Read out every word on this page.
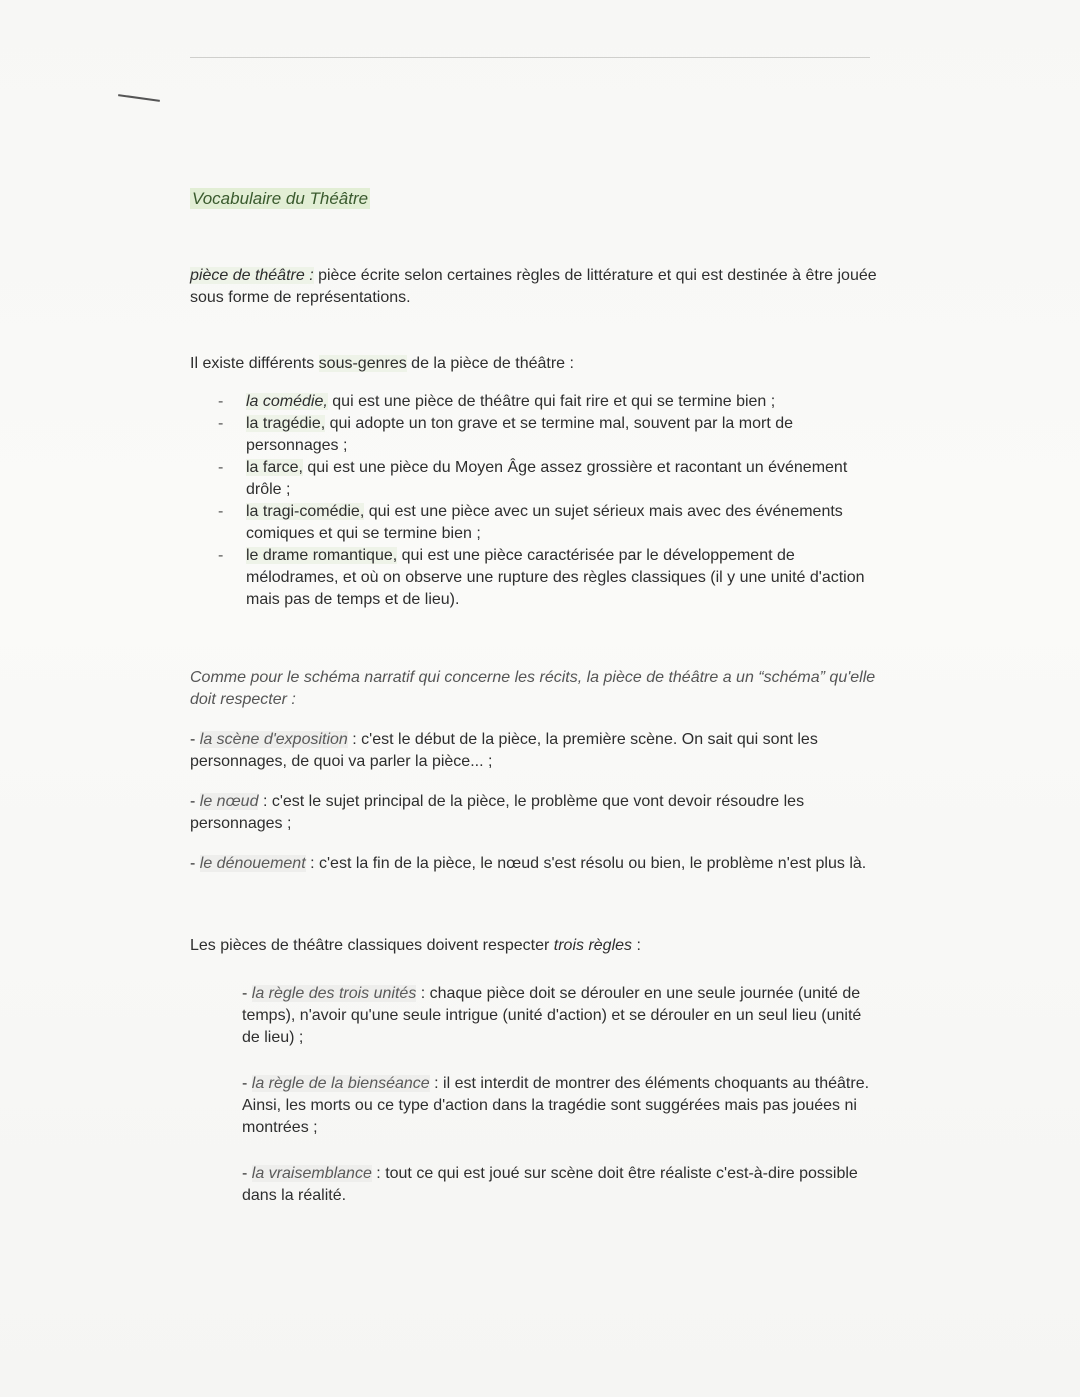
Vocabulaire du Théâtre

pièce de théâtre : pièce écrite selon certaines règles de littérature et qui est destinée à être jouée sous forme de représentations.

Il existe différents sous-genres de la pièce de théâtre :

- la comédie, qui est une pièce de théâtre qui fait rire et qui se termine bien ;
- la tragédie, qui adopte un ton grave et se termine mal, souvent par la mort de personnages ;
- la farce, qui est une pièce du Moyen Âge assez grossière et racontant un événement drôle ;
- la tragi-comédie, qui est une pièce avec un sujet sérieux mais avec des événements comiques et qui se termine bien ;
- le drame romantique, qui est une pièce caractérisée par le développement de mélodrames, et où on observe une rupture des règles classiques (il y une unité d'action mais pas de temps et de lieu).

Comme pour le schéma narratif qui concerne les récits, la pièce de théâtre a un “schéma” qu'elle doit respecter :

- la scène d'exposition : c'est le début de la pièce, la première scène. On sait qui sont les personnages, de quoi va parler la pièce... ;

- le nœud : c'est le sujet principal de la pièce, le problème que vont devoir résoudre les personnages ;

- le dénouement : c'est la fin de la pièce, le nœud s'est résolu ou bien, le problème n'est plus là.

Les pièces de théâtre classiques doivent respecter trois règles :

- la règle des trois unités : chaque pièce doit se dérouler en une seule journée (unité de temps), n'avoir qu'une seule intrigue (unité d'action) et se dérouler en un seul lieu (unité de lieu) ;

- la règle de la bienséance : il est interdit de montrer des éléments choquants au théâtre. Ainsi, les morts ou ce type d'action dans la tragédie sont suggérées mais pas jouées ni montrées ;

- la vraisemblance : tout ce qui est joué sur scène doit être réaliste c'est-à-dire possible dans la réalité.
